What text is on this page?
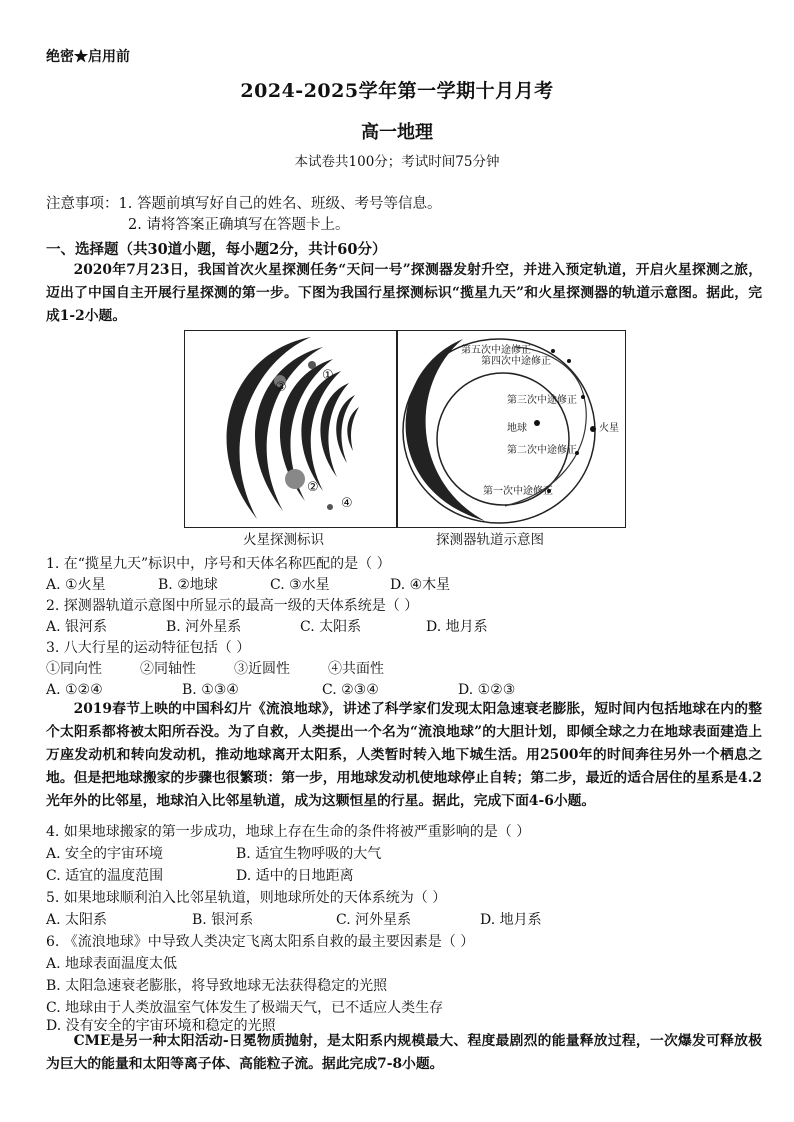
绝密★启用前
2024-2025学年第一学期十月月考
高一地理
本试卷共100分；考试时间75分钟
注意事项：1. 答题前填写好自己的姓名、班级、考号等信息。
2. 请将答案正确填写在答题卡上。
一、选择题（共30道小题，每小题2分，共计60分）
2020年7月23日，我国首次火星探测任务“天问一号”探测器发射升空，并进入预定轨道，开启火星探测之旅，迈出了中国自主开展行星探测的第一步。下图为我国行星探测标识“揽星九天”和火星探测器的轨道示意图。据此，完成1-2小题。
①
②
③
④
第五次中途修正
第四次中途修正
第三次中途修正
地球	火星
第二次中途修正
第一次中途修正
火星探测标识	探测器轨道示意图
1. 在“揽星九天”标识中，序号和天体名称匹配的是（ ）
A. ①火星	B. ②地球	C. ③水星	D. ④木星
2. 探测器轨道示意图中所显示的最高一级的天体系统是（ ）
A. 银河系	B. 河外星系	C. 太阳系	D. 地月系
3. 八大行星的运动特征包括（ ）
①同向性	②同轴性	③近圆性	④共面性
A. ①②④	B. ①③④	C. ②③④	D. ①②③
2019春节上映的中国科幻片《流浪地球》，讲述了科学家们发现太阳急速衰老膨胀，短时间内包括地球在内的整个太阳系都将被太阳所吞没。为了自救，人类提出一个名为“流浪地球”的大胆计划，即倾全球之力在地球表面建造上万座发动机和转向发动机，推动地球离开太阳系，人类暂时转入地下城生活。用2500年的时间奔往另外一个栖息之地。但是把地球搬家的步骤也很繁琐：第一步，用地球发动机使地球停止自转；第二步，最近的适合居住的星系是4.2光年外的比邻星，地球泊入比邻星轨道，成为这颗恒星的行星。据此，完成下面4-6小题。
4. 如果地球搬家的第一步成功，地球上存在生命的条件将被严重影响的是（ ）
A. 安全的宇宙环境	B. 适宜生物呼吸的大气
C. 适宜的温度范围	D. 适中的日地距离
5. 如果地球顺利泊入比邻星轨道，则地球所处的天体系统为（ ）
A. 太阳系	B. 银河系	C. 河外星系	D. 地月系
6. 《流浪地球》中导致人类决定飞离太阳系自救的最主要因素是（ ）
A. 地球表面温度太低
B. 太阳急速衰老膨胀，将导致地球无法获得稳定的光照
C. 地球由于人类放温室气体发生了极端天气，已不适应人类生存
D. 没有安全的宇宙环境和稳定的光照
CME是另一种太阳活动-日冕物质抛射，是太阳系内规模最大、程度最剧烈的能量释放过程，一次爆发可释放极为巨大的能量和太阳等离子体、高能粒子流。据此完成7-8小题。
